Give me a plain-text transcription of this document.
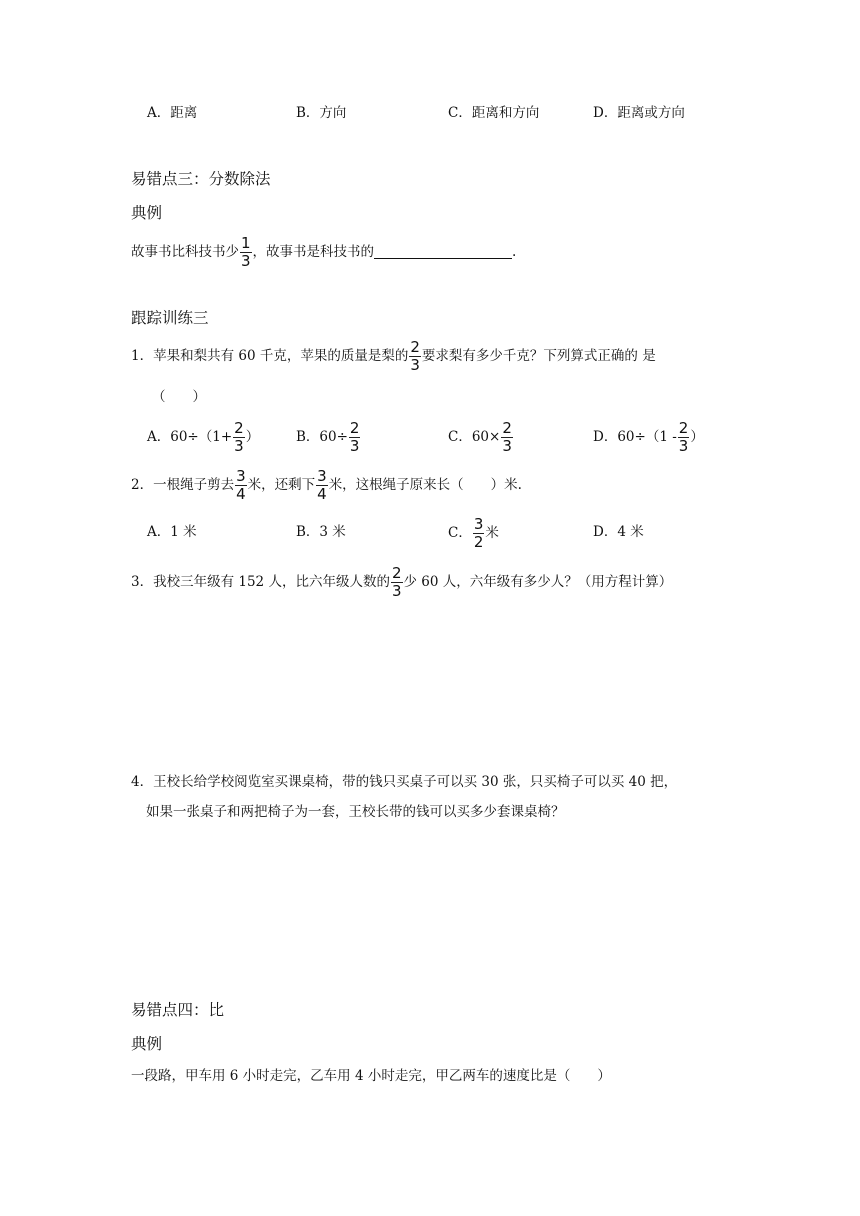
A．距离	B．方向	C．距离和方向	D．距离或方向
易错点三：分数除法
典例
故事书比科技书少 $\frac{1}{3}$ ，故事书是科技书的	.
跟踪训练三
1．苹果和梨共有 60 千克，苹果的质量是梨的 $\frac{2}{3}$ 要求梨有多少千克？下列算式正确的 是
（　　）
A．$60\div(1+ \frac{2}{3}$ ）	B．$60\div \frac{2}{3}$	C．$60\times \frac{2}{3}$	D．$60\div(1 - \frac{2}{3}$ ）
2．一根绳子剪去 $\frac{3}{4}$ 米，还剩下 $\frac{3}{4}$ 米，这根绳子原来长（　　）米.
A．1 米	B．3 米	C． $\frac{3}{2}$ 米	D．4 米
3．我校三年级有 152 人，比六年级人数的 $\frac{2}{3}$ 少 60 人，六年级有多少人？（用方程计算）
4．王校长给学校阅览室买课桌椅，带的钱只买桌子可以买 30 张，只买椅子可以买 40 把，
如果一张桌子和两把椅子为一套，王校长带的钱可以买多少套课桌椅？
易错点四：比
典例
一段路，甲车用 6 小时走完，乙车用 4 小时走完，甲乙两车的速度比是（　　）
